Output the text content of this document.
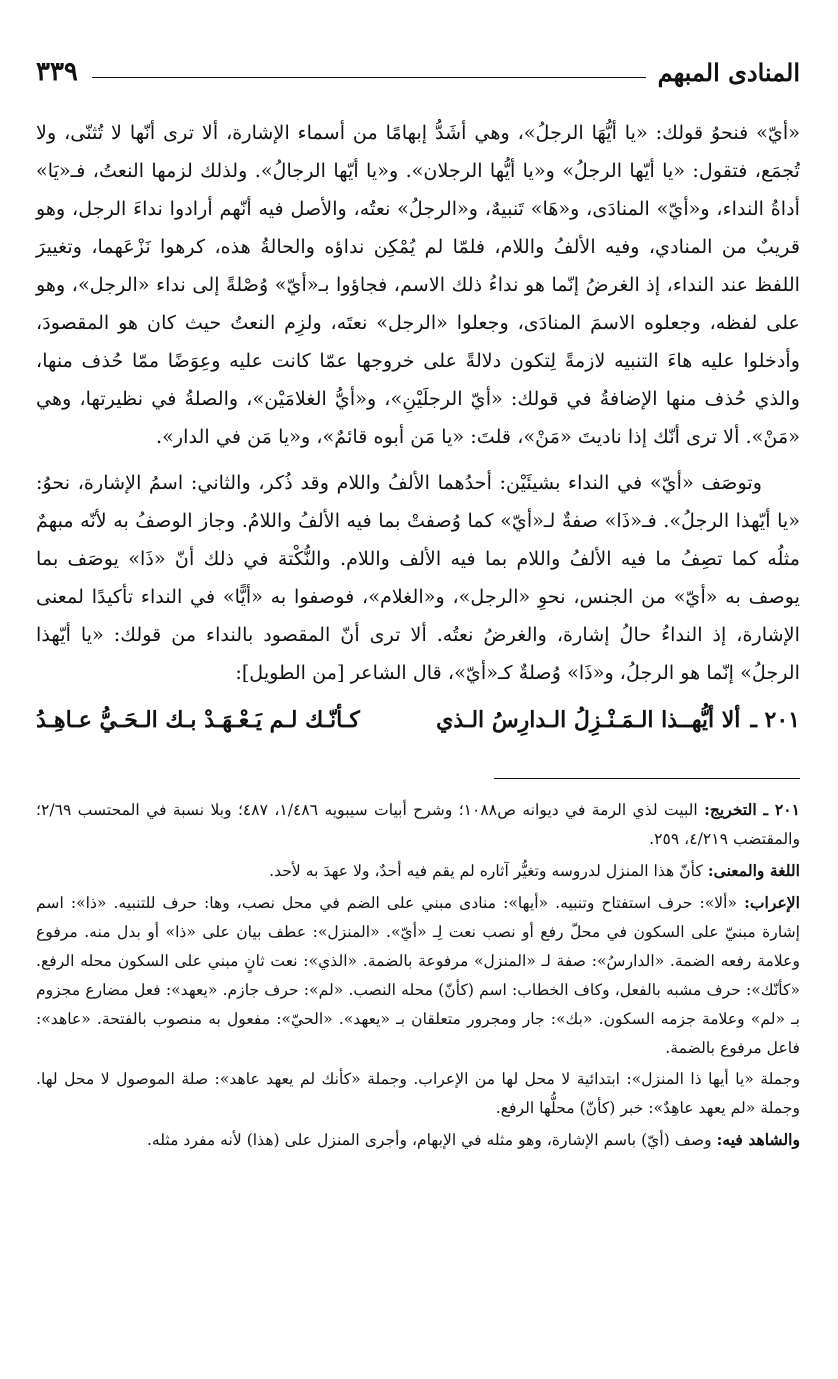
المنادى المبهم
٣٣٩

«أيّ» فنحوُ قولك: «يا أيُّهَا الرجلُ»، وهي أشَدُّ إبهامًا من أسماء الإشارة، ألا ترى أنّها لا تُثنّى، ولا تُجمَع، فتقول: «يا أيّها الرجلُ» و«يا أيُّها الرجلان». و«يا أيّها الرجالُ». ولذلك لزمها النعتُ، فـ«يَا» أداةُ النداء، و«أيّ» المنادَى، و«هَا» تَنبيهٌ، و«الرجلُ» نعتُه، والأصل فيه أنّهم أرادوا نداءَ الرجل، وهو قريبٌ من المنادي، وفيه الألفُ واللام، فلمّا لم يُمْكِن نداؤه والحالةُ هذه، كرهوا نَزْعَهما، وتغييرَ اللفظ عند النداء، إذ الغرضُ إنّما هو نداءُ ذلك الاسم، فجاؤوا بـ«أيّ» وُصْلةً إلى نداء «الرجل»، وهو على لفظه، وجعلوه الاسمَ المنادَى، وجعلوا «الرجل» نعتَه، ولزِم النعتُ حيث كان هو المقصودَ، وأدخلوا عليه هاءَ التنبيه لازمةً لِتكون دلالةً على خروجها عمّا كانت عليه وعِوَضًا ممّا حُذف منها، والذي حُذف منها الإضافةُ في قولك: «أيّ الرجلَيْنِ»، و«أيُّ الغلامَيْن»، والصلةُ في نظيرتها، وهي «مَنْ». ألا ترى أنّك إذا ناديتَ «مَنْ»، قلتَ: «يا مَن أبوه قائمٌ»، و«يا مَن في الدار».

وتوصَف «أيّ» في النداء بشيئَيْن: أحدُهما الألفُ واللام وقد ذُكر، والثاني: اسمُ الإشارة، نحوُ: «يا أيّهذا الرجلُ». فـ«ذَا» صفةٌ لـ«أيّ» كما وُصفتْ بما فيه الألفُ واللامُ. وجاز الوصفُ به لأنّه مبهمٌ مثلُه كما تصِفُ ما فيه الألفُ واللام بما فيه الألف واللام. والنُّكْتة في ذلك أنّ «ذَا» يوصَف بما يوصف به «أيّ» من الجنس، نحوِ «الرجل»، و«الغلام»، فوصفوا به «أيًّا» في النداء تأكيدًا لمعنى الإشارة، إذ النداءُ حالُ إشارة، والغرضُ نعتُه. ألا ترى أنّ المقصود بالنداء من قولك: «يا أيّهذا الرجلُ» إنّما هو الرجلُ، و«ذَا» وُصلةٌ كـ«أيّ»، قال الشاعر [من الطويل]:

٢٠١ ـ
ألا أيُّهــذا الـمَـنْـزِلُ الـدارِسُ الـذي
كـأنّـك لـم يَـعْـهَـدْ بـك الـحَـيُّ عـاهِـدُ

٢٠١ ـ التخريج: البيت لذي الرمة في ديوانه ص١٠٨٨؛ وشرح أبيات سيبويه ١/٤٨٦، ٤٨٧؛ وبلا نسبة في المحتسب ٢/٦٩؛ والمقتضب ٤/٢١٩، ٢٥٩.

اللغة والمعنى: كأنّ هذا المنزل لدروسه وتغيُّر آثاره لم يقم فيه أحدٌ، ولا عهدَ به لأحد.

الإعراب: «ألا»: حرف استفتاح وتنبيه. «أيها»: منادى مبني على الضم في محل نصب، وها: حرف للتنبيه. «ذا»: اسم إشارة مبنيّ على السكون في محلّ رفع أو نصب نعت لِـ «أيّ». «المنزل»: عطف بيان على «ذا» أو بدل منه. مرفوع وعلامة رفعه الضمة. «الدارسُ»: صفة لـ «المنزل» مرفوعة بالضمة. «الذي»: نعت ثانٍ مبني على السكون محله الرفع. «كأنّك»: حرف مشبه بالفعل، وكاف الخطاب: اسم (كأنّ) محله النصب. «لم»: حرف جازم. «يعهد»: فعل مضارع مجزوم بـ «لم» وعلامة جزمه السكون. «بك»: جار ومجرور متعلقان بـ «يعهد». «الحيّ»: مفعول به منصوب بالفتحة. «عاهد»: فاعل مرفوع بالضمة.

وجملة «يا أيها ذا المنزل»: ابتدائية لا محل لها من الإعراب. وجملة «كأنك لم يعهد عاهد»: صلة الموصول لا محل لها. وجملة «لم يعهد عاهِدٌ»: خبر (كأنّ) محلُّها الرفع.

والشاهد فيه: وصف (أيّ) باسم الإشارة، وهو مثله في الإبهام، وأجرى المنزل على (هذا) لأنه مفرد مثله.
